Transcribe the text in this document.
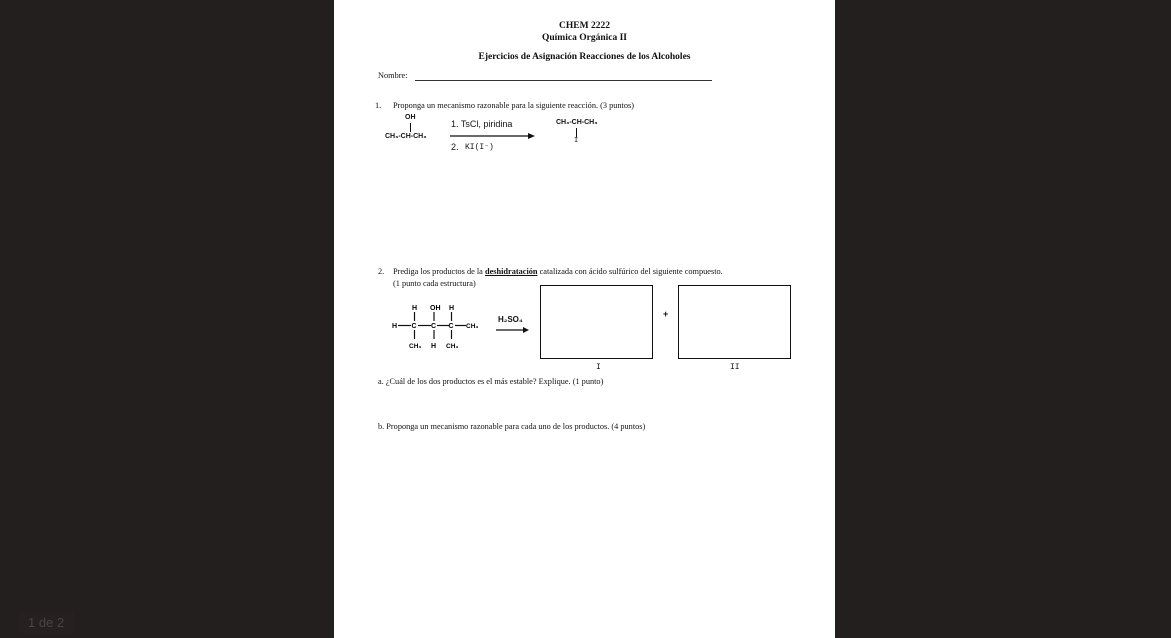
CHEM 2222
Química Orgánica II
Ejercicios de Asignación Reacciones de los Alcoholes
Nombre:
1. Proponga un mecanismo razonable para la siguiente reacción. (3 puntos)
OH
CH₃-CH-CH₃
1. TsCl, piridina
2. KI(I⁻)
CH₃-CH-CH₃
I
2. Prediga los productos de la deshidratación catalizada con ácido sulfúrico del siguiente compuesto.
(1 punto cada estructura)
H OH H
H C C C CH₃
CH₃ H CH₃
H₂SO₄
+
I	II
a. ¿Cuál de los dos productos es el más estable? Explique. (1 punto)
b. Proponga un mecanismo razonable para cada uno de los productos. (4 puntos)
1 de 2
